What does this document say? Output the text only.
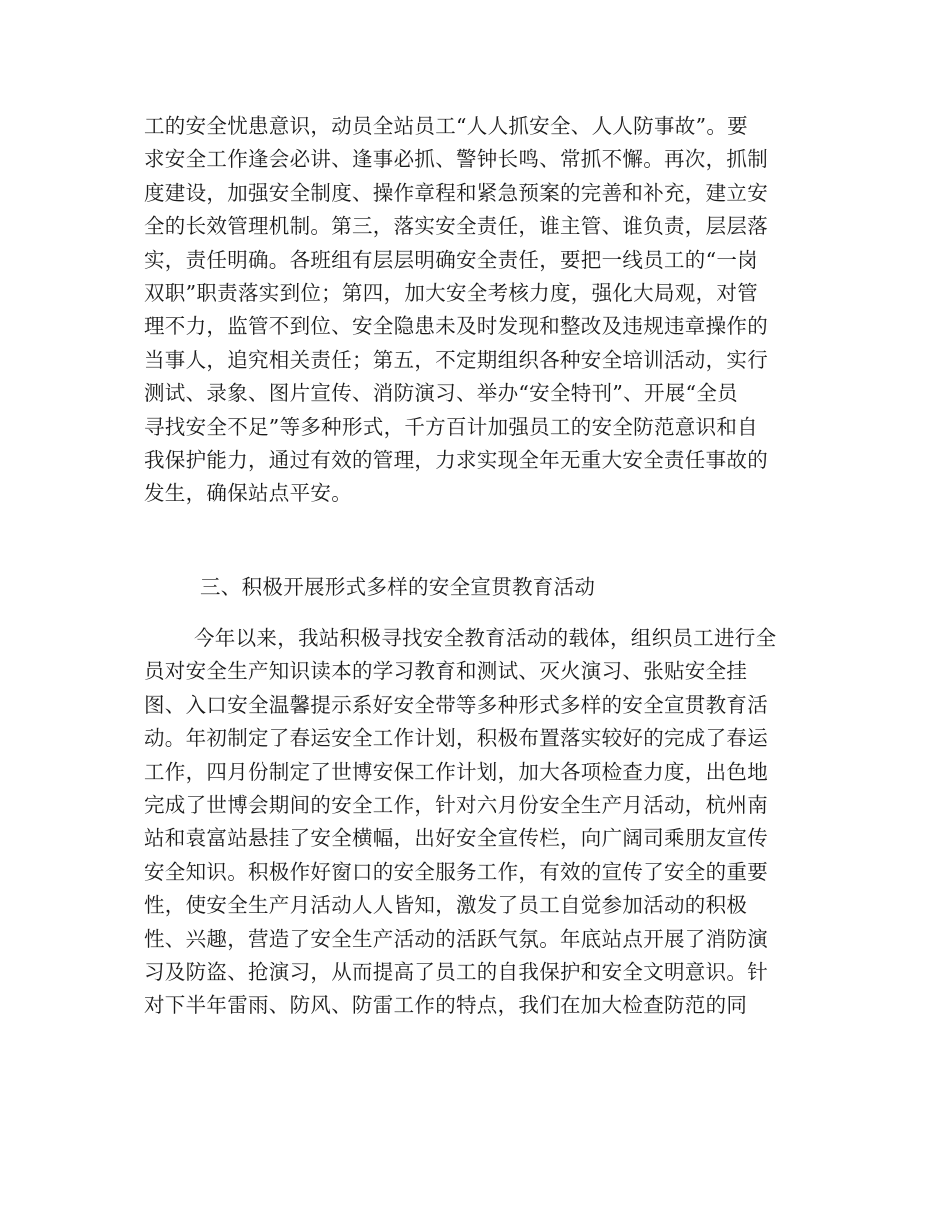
工的安全忧患意识，动员全站员工“人人抓安全、人人防事故”。要
求安全工作逢会必讲、逢事必抓、警钟长鸣、常抓不懈。再次，抓制
度建设，加强安全制度、操作章程和紧急预案的完善和补充，建立安
全的长效管理机制。第三，落实安全责任，谁主管、谁负责，层层落
实，责任明确。各班组有层层明确安全责任，要把一线员工的“一岗
双职”职责落实到位；第四，加大安全考核力度，强化大局观，对管
理不力，监管不到位、安全隐患未及时发现和整改及违规违章操作的
当事人，追究相关责任；第五，不定期组织各种安全培训活动，实行
测试、录象、图片宣传、消防演习、举办“安全特刊”、开展“全员
寻找安全不足”等多种形式，千方百计加强员工的安全防范意识和自
我保护能力，通过有效的管理，力求实现全年无重大安全责任事故的
发生，确保站点平安。
三、积极开展形式多样的安全宣贯教育活动
今年以来，我站积极寻找安全教育活动的载体，组织员工进行全
员对安全生产知识读本的学习教育和测试、灭火演习、张贴安全挂
图、入口安全温馨提示系好安全带等多种形式多样的安全宣贯教育活
动。年初制定了春运安全工作计划，积极布置落实较好的完成了春运
工作，四月份制定了世博安保工作计划，加大各项检查力度，出色地
完成了世博会期间的安全工作，针对六月份安全生产月活动，杭州南
站和袁富站悬挂了安全横幅，出好安全宣传栏，向广阔司乘朋友宣传
安全知识。积极作好窗口的安全服务工作，有效的宣传了安全的重要
性，使安全生产月活动人人皆知，激发了员工自觉参加活动的积极
性、兴趣，营造了安全生产活动的活跃气氛。年底站点开展了消防演
习及防盗、抢演习，从而提高了员工的自我保护和安全文明意识。针
对下半年雷雨、防风、防雷工作的特点，我们在加大检查防范的同
